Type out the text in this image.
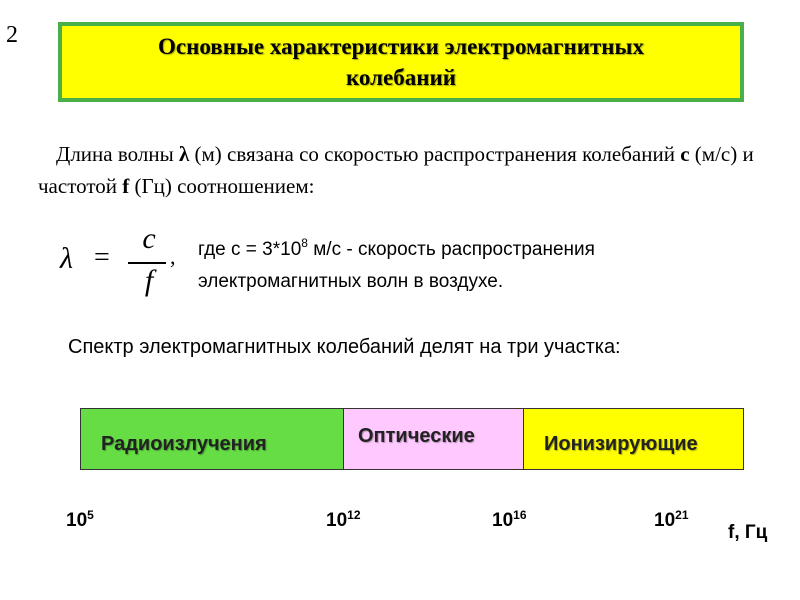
2	Основные характеристики электромагнитных
колебаний
Длина волны λ (м) связана со скоростью распространения колебаний с (м/с) и частотой f (Гц) соотношением:
λ =
c
f
, где $с = 3*10^8$ м/с - скорость распространения
электромагнитных волн в воздухе.
Спектр электромагнитных колебаний делят на три участка:
Радиоизлучения	Оптические	Ионизирующие
$10^5$	$10^{12}$	$10^{16}$	$10^{21}$
f, Гц
